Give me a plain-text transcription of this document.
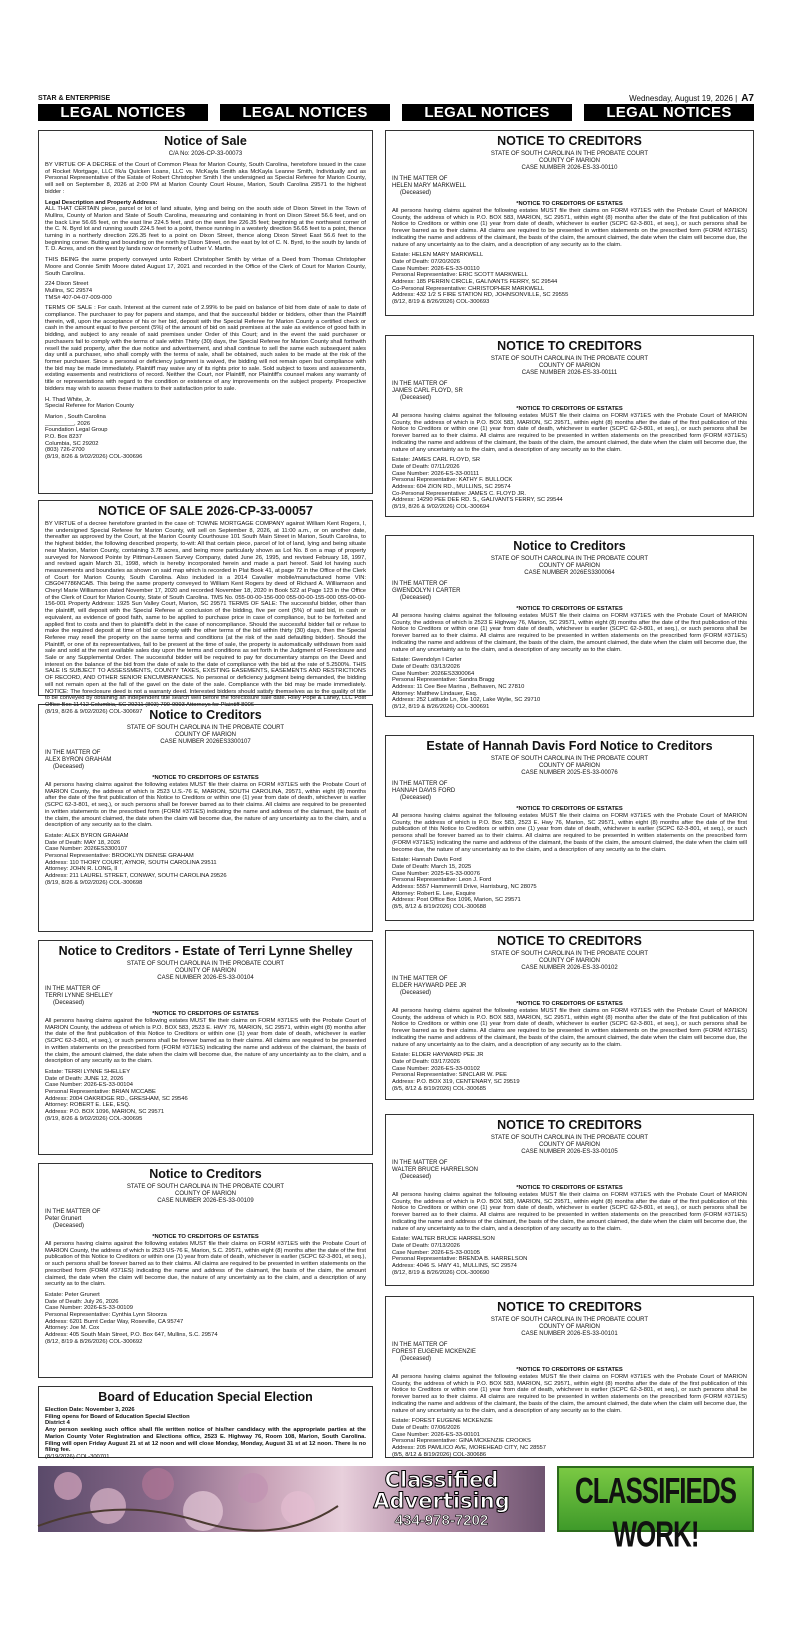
STAR & ENTERPRISE	Wednesday, August 19, 2026 | A7
LEGAL NOTICES	LEGAL NOTICES	LEGAL NOTICES	LEGAL NOTICES
Notice of Sale
C/A No: 2026-CP-33-00073

BY VIRTUE OF A DECREE of the Court of Common Pleas for Marion County, South Carolina, heretofore issued in the case of Rocket Mortgage, LLC f/k/a Quicken Loans, LLC vs. McKayla Smith aka McKayla Leanne Smith, Individually and as Personal Representative of the Estate of Robert Christopher Smith I the undersigned as Special Referee for Marion County, will sell on September 8, 2026 at 2:00 PM at Marion County Court House, Marion, South Carolina 29571 to the highest bidder :

Legal Description and Property Address:

ALL THAT CERTAIN piece, parcel or lot of land situate, lying and being on the south side of Dixon Street in the Town of Mullins, County of Marion and State of South Carolina, measuring and containing in front on Dixon Street 56.6 feet, and on the back Line 56.65 feet, on the east line 224.5 feet, and on the west line 226.35 feet; beginning at the northwest corner of the C. N. Byrd lot and running south 224.5 feet to a point, thence running in a westerly direction 56.65 feet to a point, thence turning in a northerly direction 226.35 feet to a point on Dixon Street, thence along Dixon Street East 56.6 feet to the beginning corner. Butting and bounding on the north by Dixon Street, on the east by lot of C. N. Byrd, to the south by lands of T. D. Acres, and on the west by lands now or formerly of Luther V. Martin.

THIS BEING the same property conveyed unto Robert Christopher Smith by virtue of a Deed from Thomas Christopher Moore and Connie Smith Moore dated August 17, 2021 and recorded in the Office of the Clerk of Court for Marion County, South Carolina.

224 Dixon Street

Mullins, SC 29574

TMS# 407-04-07-009-000

TERMS OF SALE : For cash. Interest at the current rate of 2.99% to be paid on balance of bid from date of sale to date of compliance. The purchaser to pay for papers and stamps, and that the successful bidder or bidders, other than the Plaintiff therein, will, upon the acceptance of his or her bid, deposit with the Special Referee for Marion County a certified check or cash in the amount equal to five percent (5%) of the amount of bid on said premises at the sale as evidence of good faith in bidding, and subject to any resale of said premises under Order of this Court; and in the event the said purchaser or purchasers fail to comply with the terms of sale within Thirty (30) days, the Special Referee for Marion County shall forthwith resell the said property, after the due notice and advertisement, and shall continue to sell the same each subsequent sales day until a purchaser, who shall comply with the terms of sale, shall be obtained, such sales to be made at the risk of the former purchaser. Since a personal or deficiency judgment is waived, the bidding will not remain open but compliance with the bid may be made immediately. Plaintiff may waive any of its rights prior to sale. Sold subject to taxes and assessments, existing easements and restrictions of record. Neither the Court, nor Plaintiff, nor Plaintiff's counsel makes any warranty of title or representations with regard to the condition or existence of any improvements on the subject property. Prospective bidders may wish to assess these matters to their satisfaction prior to sale.

H. Thad White, Jr.

Special Referee for Marion County

Marion , South Carolina

_________, 2026

Foundation Legal Group

P.O. Box 8237

Columbia, SC 29202

(803) 726-2700

(8/19, 8/26 & 9/02/2026) COL-300696

NOTICE OF SALE 2026-CP-33-00057

BY VIRTUE of a decree heretofore granted in the case of: TOWNE MORTGAGE COMPANY against William Kent Rogers, I, the undersigned Special Referee for Marion County, will sell on September 8, 2026, at 11:00 a.m., or on another date, thereafter as approved by the Court, at the Marion County Courthouse 101 South Main Street in Marion, South Carolina, to the highest bidder, the following described property, to-wit: All that certain piece, parcel of lot of land, lying and being situate near Marion, Marion County, containing 3.78 acres, and being more particularly shown as Lot No. 8 on a map of property surveyed for Norwood Pointe by Pittman-Lessen Survey Company, dated June 26, 1995, and revised February 18, 1997, and revised again March 31, 1998, which is hereby incorporated herein and made a part hereof. Said lot having such measurements and boundaries as shown on said map which is recorded in Plat Book 41, at page 72 in the Office of the Clerk of Court for Marion County, South Carolina. Also included is a 2014 Cavalier mobile/manufactured home VIN: CBG047786NCAB. This being the same property conveyed to William Kent Rogers by deed of Richard A. Williamson and Cheryl Marie Williamson dated November 17, 2020 and recorded November 18, 2020 in Book 522 at Page 123 in the Office of the Clerk of Court for Marion County, State of South Carolina. TMS No. 055-00-00-156-000 055-00-00-155-000 055-00-00-156-001 Property Address: 1925 Sun Valley Court, Marion, SC 29571 TERMS OF SALE: The successful bidder, other than the plaintiff, will deposit with the Special Referee at conclusion of the bidding, five per cent (5%) of said bid, in cash or equivalent, as evidence of good faith, same to be applied to purchase price in case of compliance, but to be forfeited and applied first to costs and then to plaintiff's debt in the case of noncompliance. Should the successful bidder fail or refuse to make the required deposit at time of bid or comply with the other terms of the bid within thirty (30) days, then the Special Referee may resell the property on the same terms and conditions (at the risk of the said defaulting bidder). Should the Plaintiff, or one of its representatives, fail to be present at the time of sale, the property is automatically withdrawn from said sale and sold at the next available sales day upon the terms and conditions as set forth in the Judgment of Foreclosure and Sale or any Supplemental Order. The successful bidder will be required to pay for documentary stamps on the Deed and interest on the balance of the bid from the date of sale to the date of compliance with the bid at the rate of 5.2500%. THIS SALE IS SUBJECT TO ASSESSMENTS, COUNTY TAXES, EXISTING EASEMENTS, EASEMENTS AND RESTRICTIONS OF RECORD, AND OTHER SENIOR ENCUMBRANCES. No personal or deficiency judgment being demanded, the bidding will not remain open at the fall of the gavel on the date of the sale. Compliance with the bid may be made immediately. NOTICE: The foreclosure deed is not a warranty deed. Interested bidders should satisfy themselves as to the quality of title to be conveyed by obtaining an independent title search well before the foreclosure sale date. Riley Pope & Laney, LLC Post Office Box 11412 Columbia, SC 29211 (803) 799-9993 Attorneys for Plaintiff 8006

(8/19, 8/26 & 9/02/2026) COL-300697 Notice to Creditors
STATE OF SOUTH CAROLINA IN THE PROBATE COURT
COUNTY OF MARION
CASE NUMBER 2026ES3300107
IN THE MATTER OF
ALEX BYRON GRAHAM
(Deceased)
*NOTICE TO CREDITORS OF ESTATES

All persons having claims against the following estates MUST file their claims on FORM #371ES with the Probate Court of MARION County, the address of which is 2523 U.S.-76 E, MARION, SOUTH CAROLINA, 29571, within eight (8) months after the date of the first publication of this Notice to Creditors or within one (1) year from date of death, whichever is earlier (SCPC 62-3-801, et seq.), or such persons shall be forever barred as to their claims. All claims are required to be presented in written statements on the prescribed form (FORM #371ES) indicating the name and address of the claimant, the basis of the claim, the amount claimed, the date when the claim will become due, the nature of any uncertainty as to the claim, and a description of any security as to the claim.

Estate: ALEX BYRON GRAHAM

Date of Death: MAY 18, 2026

Case Number: 2026ES3300107

Personal Representative: BROOKLYN DENISE GRAHAM

Address: 110 THORY COURT, AYNOR, SOUTH CAROLINA 29511

Attorney: JOHN R. LONG, II

Address: 211 LAUREL STREET, CONWAY, SOUTH CAROLINA 29526

(8/19, 8/26 & 9/02/2026) COL-300698

Notice to Creditors - Estate of Terri Lynne Shelley
STATE OF SOUTH CAROLINA IN THE PROBATE COURT
COUNTY OF MARION
CASE NUMBER 2026-ES-33-00104
IN THE MATTER OF
TERRI LYNNE SHELLEY
(Deceased)
*NOTICE TO CREDITORS OF ESTATES

All persons having claims against the following estates MUST file their claims on FORM #371ES with the Probate Court of MARION County, the address of which is P.O. BOX 583, 2523 E. HWY 76, MARION, SC 29571, within eight (8) months after the date of the first publication of this Notice to Creditors or within one (1) year from date of death, whichever is earlier (SCPC 62-3-801, et seq.), or such persons shall be forever barred as to their claims. All claims are required to be presented in written statements on the prescribed form (FORM #371ES) indicating the name and address of the claimant, the basis of the claim, the amount claimed, the date when the claim will become due, the nature of any uncertainty as to the claim, and a description of any security as to the claim.

Estate: TERRI LYNNE SHELLEY

Date of Death: JUNE 12, 2026

Case Number: 2026-ES-33-00104

Personal Representative: BRIAN MCCABE

Address: 2004 OAKRIDGE RD., GRESHAM, SC 29546

Attorney: ROBERT E. LEE, ESQ.

Address: P.O. BOX 1096, MARION, SC 29571

(8/19, 8/26 & 9/02/2026) COL-300695

Notice to Creditors
STATE OF SOUTH CAROLINA IN THE PROBATE COURT
COUNTY OF MARION
CASE NUMBER 2026-ES-33-00109
IN THE MATTER OF
Peter Grunert
(Deceased)
*NOTICE TO CREDITORS OF ESTATES

All persons having claims against the following estates MUST file their claims on FORM #371ES with the Probate Court of MARION County, the address of which is 2523 US-76 E, Marion, S.C. 29571, within eight (8) months after the date of the first publication of this Notice to Creditors or within one (1) year from date of death, whichever is earlier (SCPC 62-3-801, et seq.), or such persons shall be forever barred as to their claims. All claims are required to be presented in written statements on the prescribed form (FORM #371ES) indicating the name and address of the claimant, the basis of the claim, the amount claimed, the date when the claim will become due, the nature of any uncertainty as to the claim, and a description of any security as to the claim.

Estate: Peter Grunert

Date of Death: July 26, 2026

Case Number: 2026-ES-33-00109

Personal Representative: Cynthia Lynn Stoorza

Address: 6201 Burnt Cedar Way, Roseville, CA 95747

Attorney: Joe M. Cox

Address: 405 South Main Street, P.O. Box 647, Mullins, S.C. 29574

(8/12, 8/19 & 8/26/2026) COL-300692

Board of Education Special Election

Election Date: November 3, 2026

Filing opens for Board of Education Special Election

District 4

Any person seeking such office shall file written notice of his/her candidacy with the appropriate parties at the Marion County Voter Registration and Elections office, 2523 E. Highway 76, Room 108, Marion, South Carolina. Filing will open Friday August 21 st at 12 noon and will close Monday, Monday, August 31 st at 12 noon. There is no filing fee.

(8/19/2026) COL-300701

NOTICE TO CREDITORS
STATE OF SOUTH CAROLINA IN THE PROBATE COURT
COUNTY OF MARION
CASE NUMBER 2026-ES-33-00110
IN THE MATTER OF
HELEN MARY MARKWELL
(Deceased)
*NOTICE TO CREDITORS OF ESTATES

All persons having claims against the following estates MUST file their claims on FORM #371ES with the Probate Court of MARION County, the address of which is P.O. BOX 583, MARION, SC 29571, within eight (8) months after the date of the first publication of this Notice to Creditors or within one (1) year from date of death, whichever is earlier (SCPC 62-3-801, et seq.), or such persons shall be forever barred as to their claims. All claims are required to be presented in written statements on the prescribed form (FORM #371ES) indicating the name and address of the claimant, the basis of the claim, the amount claimed, the date when the claim will become due, the nature of any uncertainty as to the claim, and a description of any security as to the claim.

Estate: HELEN MARY MARKWELL

Date of Death: 07/20/2026

Case Number: 2026-ES-33-00110

Personal Representative: ERIC SCOTT MARKWELL

Address: 185 PERRIN CIRCLE, GALIVANTS FERRY, SC 29544

Co-Personal Representative: CHRISTOPHER MARKWELL

Address: 432 1/2 S FIRE STATION RD, JOHNSONVILLE, SC 29555

(8/12, 8/19 & 8/26/2026) COL-300693

NOTICE TO CREDITORS
STATE OF SOUTH CAROLINA IN THE PROBATE COURT
COUNTY OF MARION
CASE NUMBER 2026-ES-33-00111
IN THE MATTER OF
JAMES CARL FLOYD, SR
(Deceased)
*NOTICE TO CREDITORS OF ESTATES

All persons having claims against the following estates MUST file their claims on FORM #371ES with the Probate Court of MARION County, the address of which is P.O. BOX 583, MARION, SC 29571, within eight (8) months after the date of the first publication of this Notice to Creditors or within one (1) year from date of death, whichever is earlier (SCPC 62-3-801, et seq.), or such persons shall be forever barred as to their claims. All claims are required to be presented in written statements on the prescribed form (FORM #371ES) indicating the name and address of the claimant, the basis of the claim, the amount claimed, the date when the claim will become due, the nature of any uncertainty as to the claim, and a description of any security as to the claim.

Estate: JAMES CARL FLOYD, SR

Date of Death: 07/11/2026

Case Number: 2026-ES-33-00111

Personal Representative: KATHY F. BULLOCK

Address: 604 ZION RD., MULLINS, SC 29574

Co-Personal Representative: JAMES C. FLOYD JR.

Address: 14290 PEE DEE RD. S., GALIVANTS FERRY, SC 29544

(8/19, 8/26 & 9/02/2026) COL-300694

Notice to Creditors
STATE OF SOUTH CAROLINA IN THE PROBATE COURT
COUNTY OF MARION
CASE NUMBER 2026ES3300064
IN THE MATTER OF
GWENDOLYN I CARTER
(Deceased)
*NOTICE TO CREDITORS OF ESTATES

All persons having claims against the following estates MUST file their claims on FORM #371ES with the Probate Court of MARION County, the address of which is 2523 E Highway 76, Marion, SC 29571, within eight (8) months after the date of the first publication of this Notice to Creditors or within one (1) year from date of death, whichever is earlier (SCPC 62-3-801, et seq.), or such persons shall be forever barred as to their claims. All claims are required to be presented in written statements on the prescribed form (FORM #371ES) indicating the name and address of the claimant, the basis of the claim, the amount claimed, the date when the claim will become due, the nature of any uncertainty as to the claim, and a description of any security as to the claim.

Estate: Gwendolyn I Carter

Date of Death: 03/13/2026

Case Number: 2026ES3300064

Personal Representative: Sandra Bragg

Address: 11 Cee Bee Marina , Belhaven, NC 27810

Attorney: Matthew Lindauer, Esq.

Address: 252 Latitude Ln, Ste 102, Lake Wylie, SC 29710

(8/12, 8/19 & 8/26/2026) COL-300691

Estate of Hannah Davis Ford Notice to Creditors
STATE OF SOUTH CAROLINA IN THE PROBATE COURT
COUNTY OF MARION
CASE NUMBER 2025-ES-33-00076
IN THE MATTER OF
HANNAH DAVIS FORD
(Deceased)
*NOTICE TO CREDITORS OF ESTATES

All persons having claims against the following estates MUST file their claims on FORM #371ES with the Probate Court of MARION County, the address of which is P.O. Box 583, 2523 E. Hwy 76, Marion, SC 29571, within eight (8) months after the date of the first publication of this Notice to Creditors or within one (1) year from date of death, whichever is earlier (SCPC 62-3-801, et seq.), or such persons shall be forever barred as to their claims. All claims are required to be presented in written statements on the prescribed form (FORM #371ES) indicating the name and address of the claimant, the basis of the claim, the amount claimed, the date when the claim will become due, the nature of any uncertainty as to the claim, and a description of any security as to the claim.

Estate: Hannah Davis Ford

Date of Death: March 15, 2025

Case Number: 2025-ES-33-00076

Personal Representative: Leon J. Ford

Address: 5557 Hammermill Drive, Harrisburg, NC 28075

Attorney: Robert E. Lee, Esquire

Address: Post Office Box 1096, Marion, SC 29571

(8/5, 8/12 & 8/19/2026) COL-300688

NOTICE TO CREDITORS
STATE OF SOUTH CAROLINA IN THE PROBATE COURT
COUNTY OF MARION
CASE NUMBER 2026-ES-33-00102
IN THE MATTER OF
ELDER HAYWARD PEE JR
(Deceased)
*NOTICE TO CREDITORS OF ESTATES

All persons having claims against the following estates MUST file their claims on FORM #371ES with the Probate Court of MARION County, the address of which is P.O. BOX 583, MARION, SC 29571, within eight (8) months after the date of the first publication of this Notice to Creditors or within one (1) year from date of death, whichever is earlier (SCPC 62-3-801, et seq.), or such persons shall be forever barred as to their claims. All claims are required to be presented in written statements on the prescribed form (FORM #371ES) indicating the name and address of the claimant, the basis of the claim, the amount claimed, the date when the claim will become due, the nature of any uncertainty as to the claim, and a description of any security as to the claim.

Estate: ELDER HAYWARD PEE JR

Date of Death: 03/17/2026

Case Number: 2026-ES-33-00102

Personal Representative: SINCLAIR W. PEE

Address: P.O. BOX 319, CENTENARY, SC 29519

(8/5, 8/12 & 8/19/2026) COL-300685

NOTICE TO CREDITORS
STATE OF SOUTH CAROLINA IN THE PROBATE COURT
COUNTY OF MARION
CASE NUMBER 2026-ES-33-00105
IN THE MATTER OF
WALTER BRUCE HARRELSON
(Deceased)
*NOTICE TO CREDITORS OF ESTATES

All persons having claims against the following estates MUST file their claims on FORM #371ES with the Probate Court of MARION County, the address of which is P.O. BOX 583, MARION, SC 29571, within eight (8) months after the date of the first publication of this Notice to Creditors or within one (1) year from date of death, whichever is earlier (SCPC 62-3-801, et seq.), or such persons shall be forever barred as to their claims. All claims are required to be presented in written statements on the prescribed form (FORM #371ES) indicating the name and address of the claimant, the basis of the claim, the amount claimed, the date when the claim will become due, the nature of any uncertainty as to the claim, and a description of any security as to the claim.

Estate: WALTER BRUCE HARRELSON

Date of Death: 07/13/2026

Case Number: 2026-ES-33-00105

Personal Representative: BRENDA B. HARRELSON

Address: 4046 S. HWY 41, MULLINS, SC 29574

(8/12, 8/19 & 8/26/2026) COL-300690

NOTICE TO CREDITORS
STATE OF SOUTH CAROLINA IN THE PROBATE COURT
COUNTY OF MARION
CASE NUMBER 2026-ES-33-00101
IN THE MATTER OF
FOREST EUGENE MCKENZIE
(Deceased)
*NOTICE TO CREDITORS OF ESTATES

All persons having claims against the following estates MUST file their claims on FORM #371ES with the Probate Court of MARION County, the address of which is P.O. BOX 583, MARION, SC 29571, within eight (8) months after the date of the first publication of this Notice to Creditors or within one (1) year from date of death, whichever is earlier (SCPC 62-3-801, et seq.), or such persons shall be forever barred as to their claims. All claims are required to be presented in written statements on the prescribed form (FORM #371ES) indicating the name and address of the claimant, the basis of the claim, the amount claimed, the date when the claim will become due, the nature of any uncertainty as to the claim, and a description of any security as to the claim.

Estate: FOREST EUGENE MCKENZIE

Date of Death: 07/06/2026

Case Number: 2026-ES-33-00101

Personal Representative: GINA MCKENZIE CROOKS

Address: 205 PAMLICO AVE, MOREHEAD CITY, NC 28557

(8/5, 8/12 & 8/19/2026) COL-300686

Classified
Advertising
434-978-7202
CLASSIFIEDS WORK!
